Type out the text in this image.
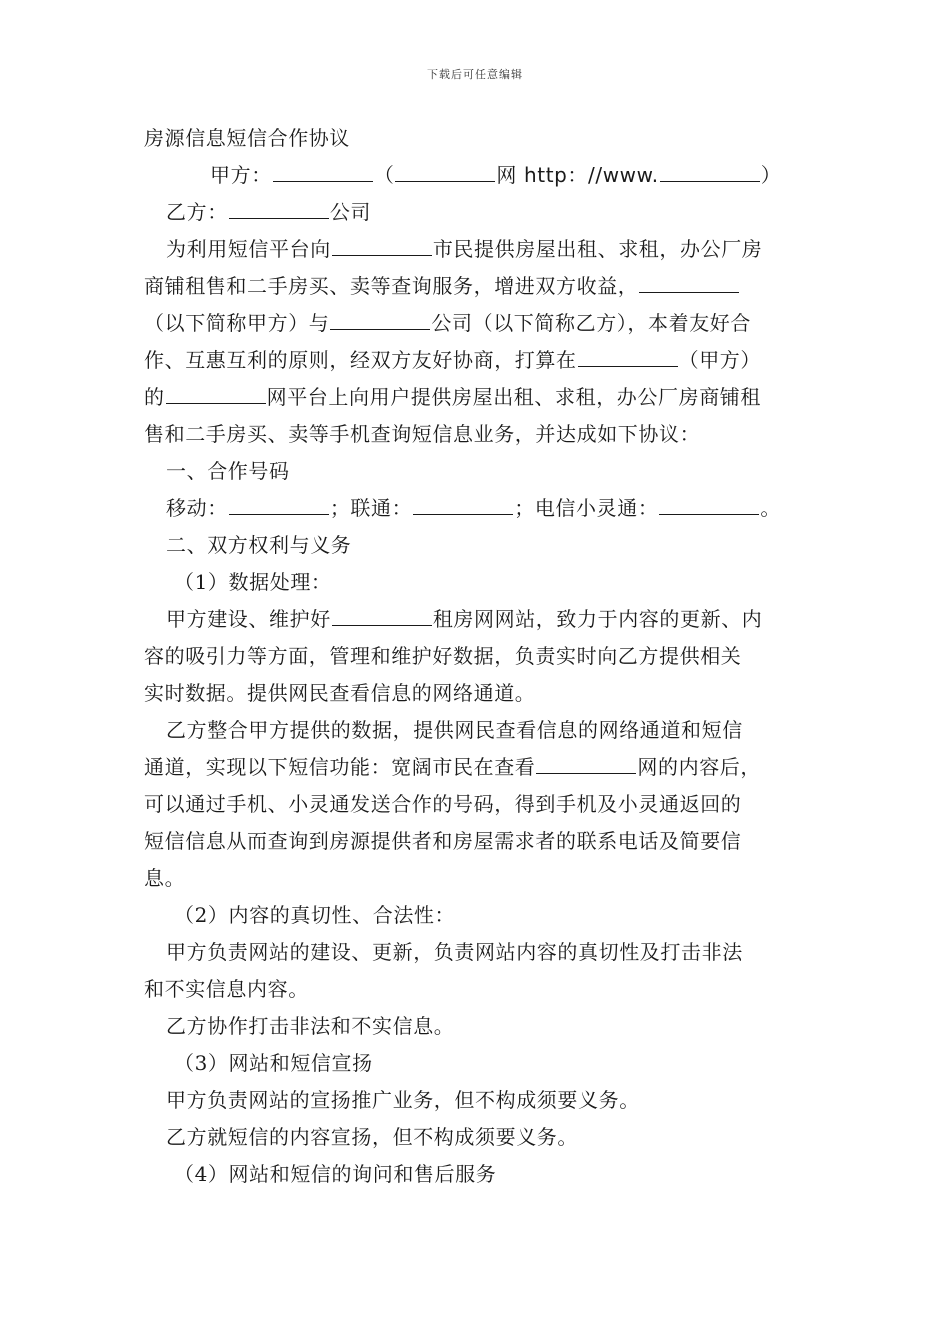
下载后可任意编辑
房源信息短信合作协议
甲方：	（	网 http：//www.	）
乙方：	公司
为利用短信平台向	市民提供房屋出租、求租，办公厂房
商铺租售和二手房买、卖等查询服务，增进双方收益，
（以下简称甲方）与	公司（以下简称乙方），本着友好合
作、互惠互利的原则，经双方友好协商，打算在	（甲方）
的	网平台上向用户提供房屋出租、求租，办公厂房商铺租
售和二手房买、卖等手机查询短信息业务，并达成如下协议：
一、合作号码
移动：	；联通：	；电信小灵通：	。
二、双方权利与义务
（1）数据处理：
甲方建设、维护好	租房网网站，致力于内容的更新、内
容的吸引力等方面，管理和维护好数据，负责实时向乙方提供相关
实时数据。提供网民查看信息的网络通道。
乙方整合甲方提供的数据，提供网民查看信息的网络通道和短信
通道，实现以下短信功能：宽阔市民在查看	网的内容后，
可以通过手机、小灵通发送合作的号码，得到手机及小灵通返回的
短信信息从而查询到房源提供者和房屋需求者的联系电话及简要信
息。
（2）内容的真切性、合法性：
甲方负责网站的建设、更新，负责网站内容的真切性及打击非法
和不实信息内容。
乙方协作打击非法和不实信息。
（3）网站和短信宣扬
甲方负责网站的宣扬推广业务，但不构成须要义务。
乙方就短信的内容宣扬，但不构成须要义务。
（4）网站和短信的询问和售后服务
